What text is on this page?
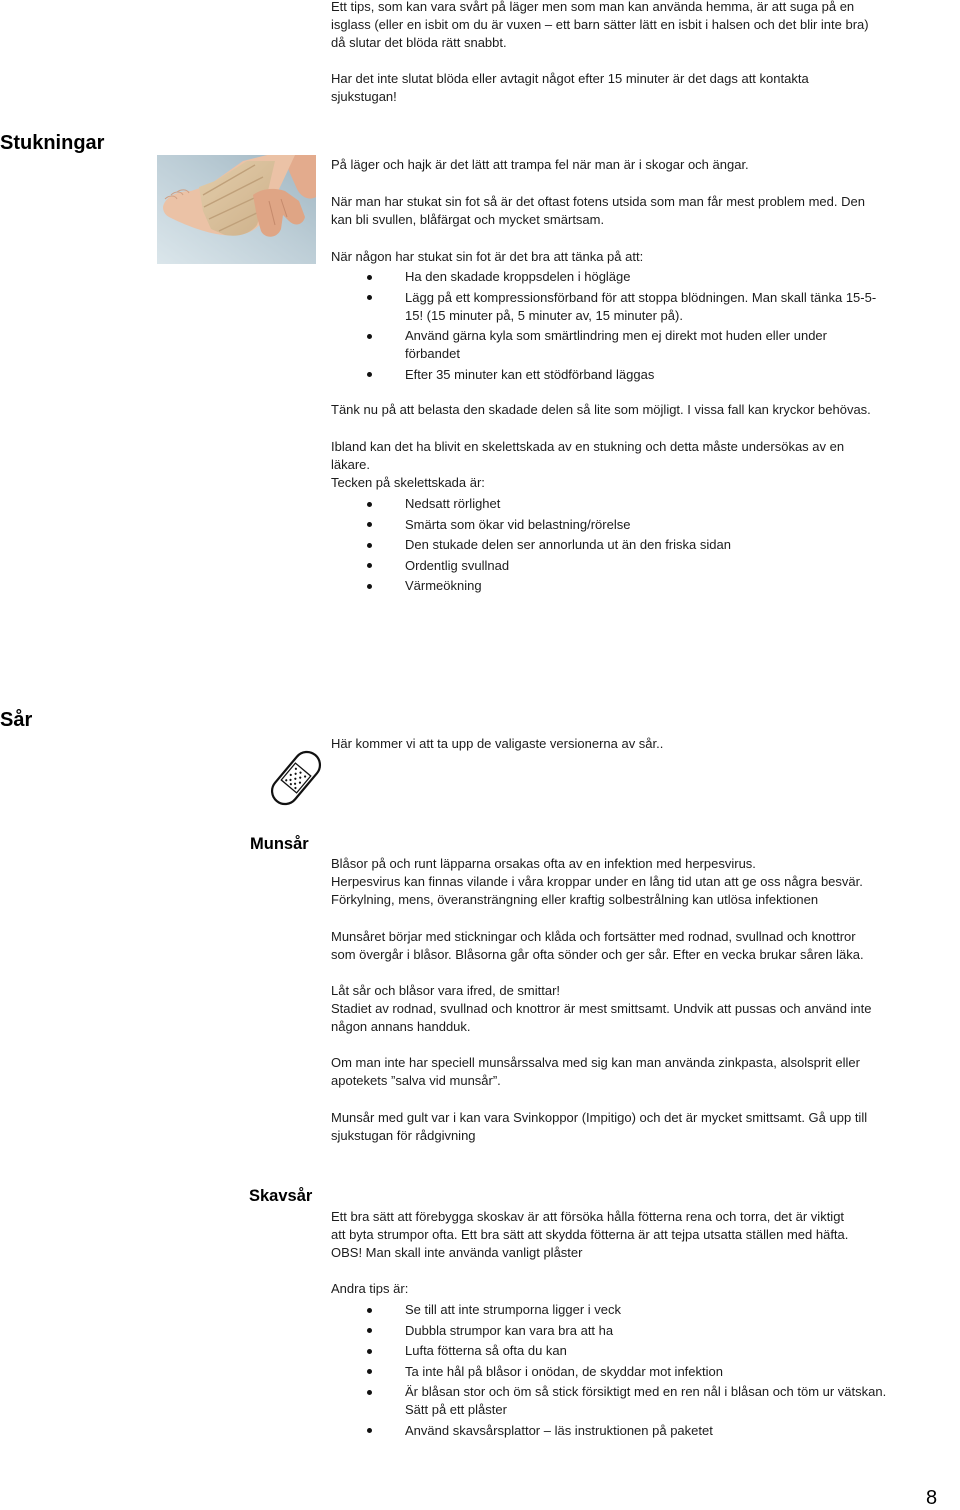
Ett tips, som kan vara svårt på läger men som man kan använda hemma, är att suga på en
isglass (eller en isbit om du är vuxen – ett barn sätter lätt en isbit i halsen och det blir inte bra)
då slutar det blöda rätt snabbt.
Har det inte slutat blöda eller avtagit något efter 15 minuter är det dags att kontakta
sjukstugan!
Stukningar
På läger och hajk är det lätt att trampa fel när man är i skogar och ängar.
När man har stukat sin fot så är det oftast fotens utsida som man får mest problem med. Den
kan bli svullen, blåfärgat och mycket smärtsam.
När någon har stukat sin fot är det bra att tänka på att:
Ha den skadade kroppsdelen i högläge
Lägg på ett kompressionsförband för att stoppa blödningen. Man skall tänka 15-5-
15! (15 minuter på, 5 minuter av, 15 minuter på).
Använd gärna kyla som smärtlindring men ej direkt mot huden eller under
förbandet
Efter 35 minuter kan ett stödförband läggas
Tänk nu på att belasta den skadade delen så lite som möjligt. I vissa fall kan kryckor behövas.
Ibland kan det ha blivit en skelettskada av en stukning och detta måste undersökas av en
läkare.
Tecken på skelettskada är:
Nedsatt rörlighet
Smärta som ökar vid belastning/rörelse
Den stukade delen ser annorlunda ut än den friska sidan
Ordentlig svullnad
Värmeökning
Sår
Här kommer vi att ta upp de valigaste versionerna av sår..
Munsår
Blåsor på och runt läpparna orsakas ofta av en infektion med herpesvirus.
Herpesvirus kan finnas vilande i våra kroppar under en lång tid utan att ge oss några besvär.
Förkylning, mens, överansträngning eller kraftig solbestrålning kan utlösa infektionen
Munsåret börjar med stickningar och klåda och fortsätter med rodnad, svullnad och knottror
som övergår i blåsor. Blåsorna går ofta sönder och ger sår. Efter en vecka brukar såren läka.
Låt sår och blåsor vara ifred, de smittar!
Stadiet av rodnad, svullnad och knottror är mest smittsamt. Undvik att pussas och använd inte
någon annans handduk.
Om man inte har speciell munsårssalva med sig kan man använda zinkpasta, alsolsprit eller
apotekets ”salva vid munsår”.
Munsår med gult var i kan vara Svinkoppor (Impitigo) och det är mycket smittsamt. Gå upp till
sjukstugan för rådgivning
Skavsår
Ett bra sätt att förebygga skoskav är att försöka hålla fötterna rena och torra, det är viktigt
att byta strumpor ofta. Ett bra sätt att skydda fötterna är att tejpa utsatta ställen med häfta.
OBS! Man skall inte använda vanligt plåster
Andra tips är:
Se till att inte strumporna ligger i veck
Dubbla strumpor kan vara bra att ha
Lufta fötterna så ofta du kan
Ta inte hål på blåsor i onödan, de skyddar mot infektion
Är blåsan stor och öm så stick försiktigt med en ren nål i blåsan och töm ur vätskan.
Sätt på ett plåster
Använd skavsårsplattor – läs instruktionen på paketet
8
